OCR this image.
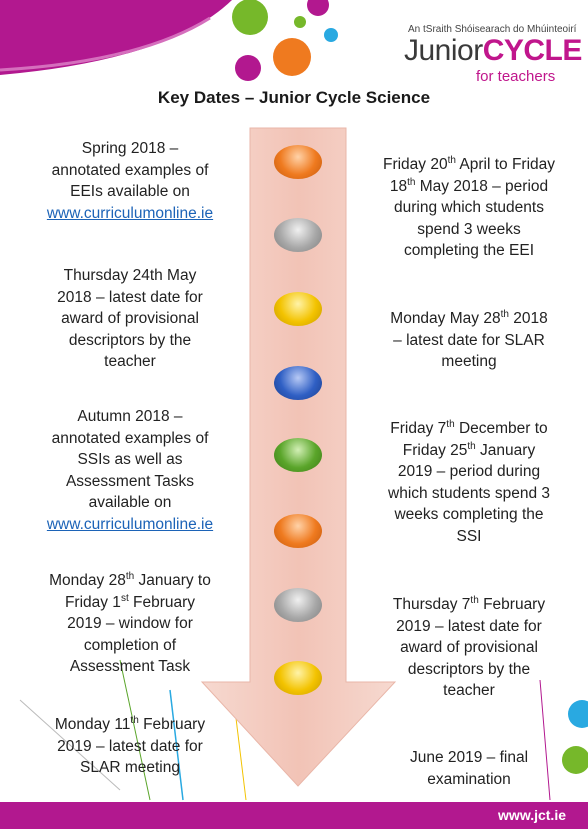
An tSraith Shóisearach do Mhúinteoirí
JuniorCYCLE
for teachers
Key Dates – Junior Cycle Science
Spring 2018 –
annotated examples of
EEIs available on
www.curriculumonline.ie
Thursday 24th May
2018 – latest date for
award of provisional
descriptors by the
teacher
Autumn 2018 –
annotated examples of
SSIs as well as
Assessment Tasks
available on
www.curriculumonline.ie
Monday 28th January to
Friday 1st February
2019 – window for
completion of
Assessment Task
Monday 11th February
2019 – latest date for
SLAR meeting
Friday 20th April to Friday
18th May 2018 – period
during which students
spend 3 weeks
completing the EEI
Monday May 28th 2018
– latest date for SLAR
meeting
Friday 7th December to
Friday 25th January
2019 – period during
which students spend 3
weeks completing the
SSI
Thursday 7th February
2019 – latest date for
award of provisional
descriptors by the
teacher
June 2019 – final
examination
www.jct.ie
